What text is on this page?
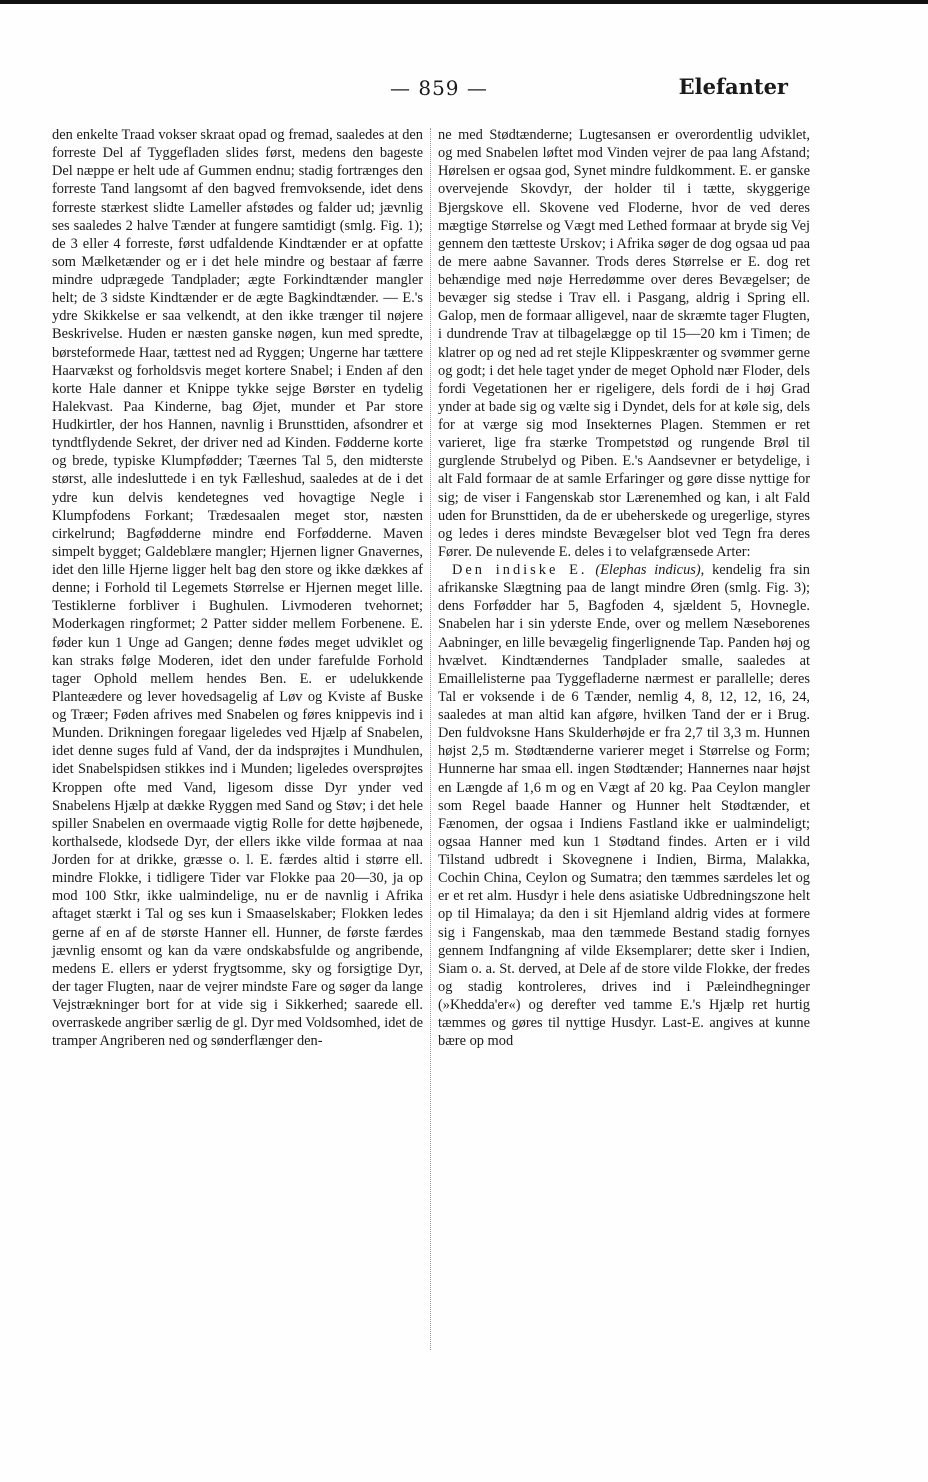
— 859 —	Elefanter

den enkelte Traad vokser skraat opad og fremad, saaledes at den forreste Del af Tyggefladen slides først, medens den bageste Del næppe er helt ude af Gummen endnu; stadig fortrænges den forreste Tand langsomt af den bagved fremvoksende, idet dens forreste stærkest slidte Lameller afstødes og falder ud; jævnlig ses saaledes 2 halve Tænder at fungere samtidigt (smlg. Fig. 1); de 3 eller 4 forreste, først udfaldende Kindtænder er at opfatte som Mælketænder og er i det hele mindre og bestaar af færre mindre udprægede Tandplader; ægte Forkindtænder mangler helt; de 3 sidste Kindtænder er de ægte Bagkindtænder. — E.'s ydre Skikkelse er saa velkendt, at den ikke trænger til nøjere Beskrivelse. Huden er næsten ganske nøgen, kun med spredte, børsteformede Haar, tættest ned ad Ryggen; Ungerne har tættere Haarvækst og forholdsvis meget kortere Snabel; i Enden af den korte Hale danner et Knippe tykke sejge Børster en tydelig Halekvast. Paa Kinderne, bag Øjet, munder et Par store Hudkirtler, der hos Hannen, navnlig i Brunsttiden, afsondrer et tyndtflydende Sekret, der driver ned ad Kinden. Fødderne korte og brede, typiske Klumpfødder; Tæernes Tal 5, den midterste størst, alle indesluttede i en tyk Fælleshud, saaledes at de i det ydre kun delvis kendetegnes ved hovagtige Negle i Klumpfodens Forkant; Trædesaalen meget stor, næsten cirkelrund; Bagfødderne mindre end Forfødderne. Maven simpelt bygget; Galdeblære mangler; Hjernen ligner Gnavernes, idet den lille Hjerne ligger helt bag den store og ikke dækkes af denne; i Forhold til Legemets Størrelse er Hjernen meget lille. Testiklerne forbliver i Bughulen. Livmoderen tvehornet; Moderkagen ringformet; 2 Patter sidder mellem Forbenene. E. føder kun 1 Unge ad Gangen; denne fødes meget udviklet og kan straks følge Moderen, idet den under farefulde Forhold tager Ophold mellem hendes Ben. E. er udelukkende Planteædere og lever hovedsagelig af Løv og Kviste af Buske og Træer; Føden afrives med Snabelen og føres knippevis ind i Munden. Drikningen foregaar ligeledes ved Hjælp af Snabelen, idet denne suges fuld af Vand, der da indsprøjtes i Mundhulen, idet Snabelspidsen stikkes ind i Munden; ligeledes oversprøjtes Kroppen ofte med Vand, ligesom disse Dyr ynder ved Snabelens Hjælp at dække Ryggen med Sand og Støv; i det hele spiller Snabelen en overmaade vigtig Rolle for dette højbenede, korthalsede, klodsede Dyr, der ellers ikke vilde formaa at naa Jorden for at drikke, græsse o. l. E. færdes altid i større ell. mindre Flokke, i tidligere Tider var Flokke paa 20—30, ja op mod 100 Stkr, ikke ualmindelige, nu er de navnlig i Afrika aftaget stærkt i Tal og ses kun i Smaaselskaber; Flokken ledes gerne af en af de største Hanner ell. Hunner, de første færdes jævnlig ensomt og kan da være ondskabsfulde og angribende, medens E. ellers er yderst frygtsomme, sky og forsigtige Dyr, der tager Flugten, naar de vejrer mindste Fare og søger da lange Vejstrækninger bort for at vide sig i Sikkerhed; saarede ell. overraskede angriber særlig de gl. Dyr med Voldsomhed, idet de tramper Angriberen ned og sønderflænger den-

ne med Stødtænderne; Lugtesansen er overordentlig udviklet, og med Snabelen løftet mod Vinden vejrer de paa lang Afstand; Hørelsen er ogsaa god, Synet mindre fuldkomment. E. er ganske overvejende Skovdyr, der holder til i tætte, skyggerige Bjergskove ell. Skovene ved Floderne, hvor de ved deres mægtige Størrelse og Vægt med Lethed formaar at bryde sig Vej gennem den tætteste Urskov; i Afrika søger de dog ogsaa ud paa de mere aabne Savanner. Trods deres Størrelse er E. dog ret behændige med nøje Herredømme over deres Bevægelser; de bevæger sig stedse i Trav ell. i Pasgang, aldrig i Spring ell. Galop, men de formaar alligevel, naar de skræmte tager Flugten, i dundrende Trav at tilbagelægge op til 15—20 km i Timen; de klatrer op og ned ad ret stejle Klippeskrænter og svømmer gerne og godt; i det hele taget ynder de meget Ophold nær Floder, dels fordi Vegetationen her er rigeligere, dels fordi de i høj Grad ynder at bade sig og vælte sig i Dyndet, dels for at køle sig, dels for at værge sig mod Insekternes Plagen. Stemmen er ret varieret, lige fra stærke Trompetstød og rungende Brøl til gurglende Strubelyd og Piben. E.'s Aandsevner er betydelige, i alt Fald formaar de at samle Erfaringer og gøre disse nyttige for sig; de viser i Fangenskab stor Lærenemhed og kan, i alt Fald uden for Brunsttiden, da de er ubeherskede og uregerlige, styres og ledes i deres mindste Bevægelser blot ved Tegn fra deres Fører. De nulevende E. deles i to velafgrænsede Arter:

Den indiske E. (Elephas indicus), kendelig fra sin afrikanske Slægtning paa de langt mindre Øren (smlg. Fig. 3); dens Forfødder har 5, Bagfoden 4, sjældent 5, Hovnegle. Snabelen har i sin yderste Ende, over og mellem Næseborenes Aabninger, en lille bevægelig fingerlignende Tap. Panden høj og hvælvet. Kindtændernes Tandplader smalle, saaledes at Emaillelisterne paa Tyggefladerne nærmest er parallelle; deres Tal er voksende i de 6 Tænder, nemlig 4, 8, 12, 12, 16, 24, saaledes at man altid kan afgøre, hvilken Tand der er i Brug. Den fuldvoksne Hans Skulderhøjde er fra 2,7 til 3,3 m. Hunnen højst 2,5 m. Stødtænderne varierer meget i Størrelse og Form; Hunnerne har smaa ell. ingen Stødtænder; Hannernes naar højst en Længde af 1,6 m og en Vægt af 20 kg. Paa Ceylon mangler som Regel baade Hanner og Hunner helt Stødtænder, et Fænomen, der ogsaa i Indiens Fastland ikke er ualmindeligt; ogsaa Hanner med kun 1 Stødtand findes. Arten er i vild Tilstand udbredt i Skovegnene i Indien, Birma, Malakka, Cochin China, Ceylon og Sumatra; den tæmmes særdeles let og er et ret alm. Husdyr i hele dens asiatiske Udbredningszone helt op til Himalaya; da den i sit Hjemland aldrig vides at formere sig i Fangenskab, maa den tæmmede Bestand stadig fornyes gennem Indfangning af vilde Eksemplarer; dette sker i Indien, Siam o. a. St. derved, at Dele af de store vilde Flokke, der fredes og stadig kontroleres, drives ind i Pæleindhegninger (»Khedda'er«) og derefter ved tamme E.'s Hjælp ret hurtig tæmmes og gøres til nyttige Husdyr. Last-E. angives at kunne bære op mod
